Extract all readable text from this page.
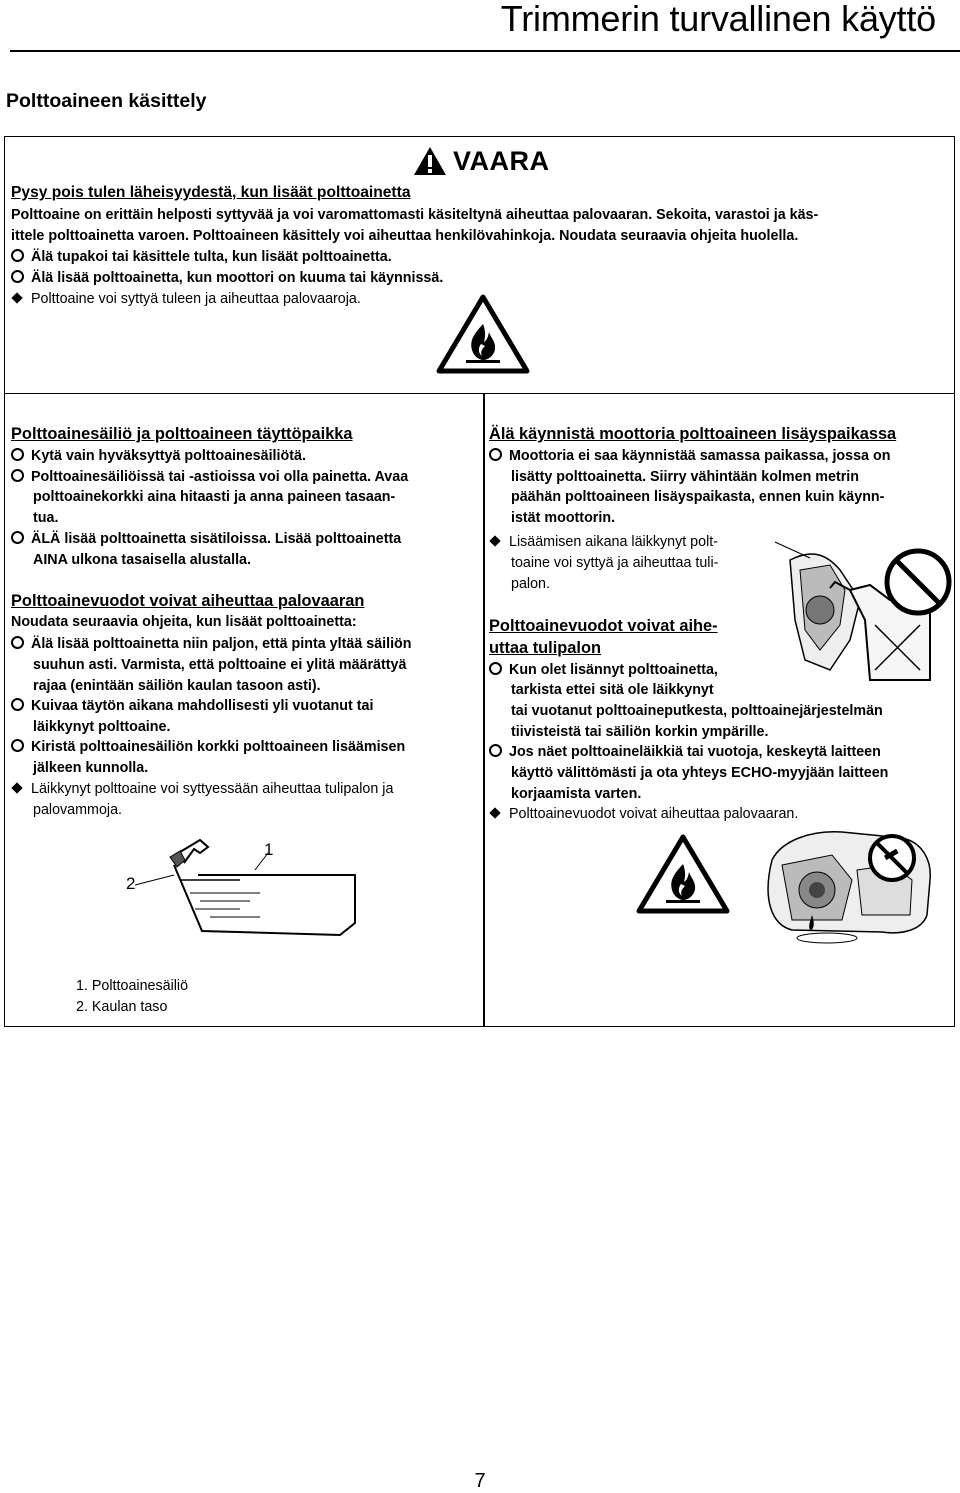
Trimmerin turvallinen käyttö
Polttoaineen käsittely
VAARA
Pysy pois tulen läheisyydestä, kun lisäät polttoainetta
Polttoaine on erittäin helposti syttyvää ja voi varomattomasti käsiteltynä aiheuttaa palovaaran. Sekoita, varastoi ja käs-
ittele polttoainetta varoen. Polttoaineen käsittely voi aiheuttaa henkilövahinkoja. Noudata seuraavia ohjeita huolella.
Älä tupakoi tai käsittele tulta, kun lisäät polttoainetta.
Älä lisää polttoainetta, kun moottori on kuuma tai käynnissä.
Polttoaine voi syttyä tuleen ja aiheuttaa palovaaroja.
Polttoainesäiliö ja polttoaineen täyttöpaikka
Kytä vain hyväksyttyä polttoainesäiliötä.
Polttoainesäiliöissä tai -astioissa voi olla painetta. Avaa
polttoainekorkki aina hitaasti ja anna paineen tasaan-
tua.
ÄLÄ lisää polttoainetta sisätiloissa. Lisää polttoainetta
AINA ulkona tasaisella alustalla.
Polttoainevuodot voivat aiheuttaa palovaaran
Noudata seuraavia ohjeita, kun lisäät polttoainetta:
Älä lisää polttoainetta niin paljon, että pinta yltää säiliön
suuhun asti. Varmista, että polttoaine ei ylitä määrättyä
rajaa (enintään säiliön kaulan tasoon asti).
Kuivaa täytön aikana mahdollisesti yli vuotanut tai
läikkynyt polttoaine.
Kiristä polttoainesäiliön korkki polttoaineen lisäämisen
jälkeen kunnolla.
Läikkynyt polttoaine voi syttyessään aiheuttaa tulipalon ja
palovammoja.
1
2
1. Polttoainesäiliö
2. Kaulan taso
Älä käynnistä moottoria polttoaineen lisäyspaikassa
Moottoria ei saa käynnistää samassa paikassa, jossa on
lisätty polttoainetta. Siirry vähintään kolmen metrin
päähän polttoaineen lisäyspaikasta, ennen kuin käynn-
istät moottorin.
Lisäämisen aikana läikkynyt polt-
toaine voi syttyä ja aiheuttaa tuli-
palon.
Polttoainevuodot voivat aihe-
uttaa tulipalon
Kun olet lisännyt polttoainetta,
tarkista ettei sitä ole läikkynyt
tai vuotanut polttoaineputkesta, polttoainejärjestelmän
tiivisteistä tai säiliön korkin ympärille.
Jos näet polttoaineläikkiä tai vuotoja, keskeytä laitteen
käyttö välittömästi ja ota yhteys ECHO-myyjään laitteen
korjaamista varten.
Polttoainevuodot voivat aiheuttaa palovaaran.
7
